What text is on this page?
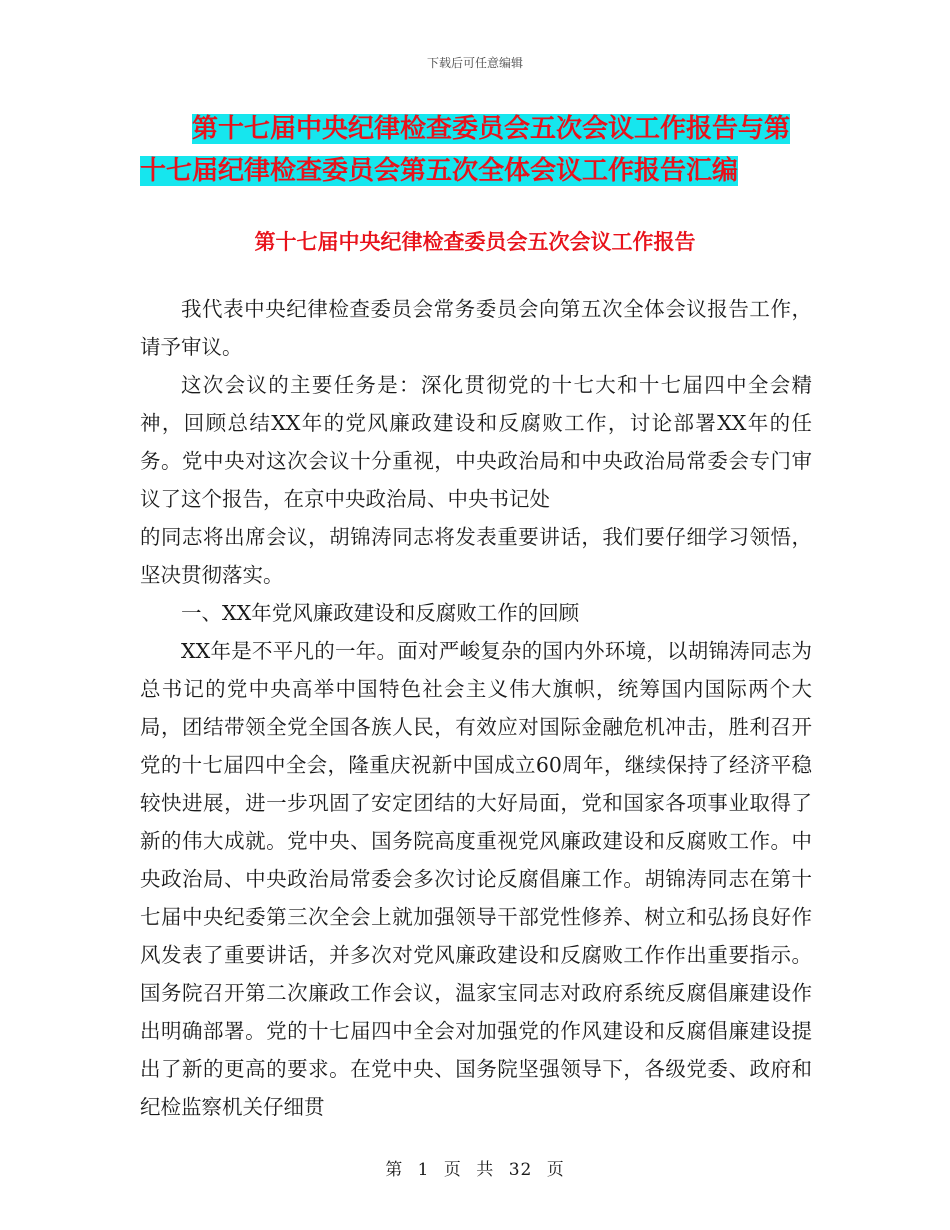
下载后可任意编辑
第十七届中央纪律检查委员会五次会议工作报告与第
十七届纪律检查委员会第五次全体会议工作报告汇编
第十七届中央纪律检查委员会五次会议工作报告

我代表中央纪律检查委员会常务委员会向第五次全体会议报告工作，请予审议。

这次会议的主要任务是：深化贯彻党的十七大和十七届四中全会精神，回顾总结XX年的党风廉政建设和反腐败工作，讨论部署XX年的任务。党中央对这次会议十分重视，中央政治局和中央政治局常委会专门审议了这个报告，在京中央政治局、中央书记处

的同志将出席会议，胡锦涛同志将发表重要讲话，我们要仔细学习领悟，坚决贯彻落实。

一、XX年党风廉政建设和反腐败工作的回顾

XX年是不平凡的一年。面对严峻复杂的国内外环境，以胡锦涛同志为总书记的党中央高举中国特色社会主义伟大旗帜，统筹国内国际两个大局，团结带领全党全国各族人民，有效应对国际金融危机冲击，胜利召开党的十七届四中全会，隆重庆祝新中国成立60周年，继续保持了经济平稳较快进展，进一步巩固了安定团结的大好局面，党和国家各项事业取得了新的伟大成就。党中央、国务院高度重视党风廉政建设和反腐败工作。中央政治局、中央政治局常委会多次讨论反腐倡廉工作。胡锦涛同志在第十七届中央纪委第三次全会上就加强领导干部党性修养、树立和弘扬良好作风发表了重要讲话，并多次对党风廉政建设和反腐败工作作出重要指示。国务院召开第二次廉政工作会议，温家宝同志对政府系统反腐倡廉建设作出明确部署。党的十七届四中全会对加强党的作风建设和反腐倡廉建设提出了新的更高的要求。在党中央、国务院坚强领导下，各级党委、政府和纪检监察机关仔细贯

第 1 页 共 32 页
